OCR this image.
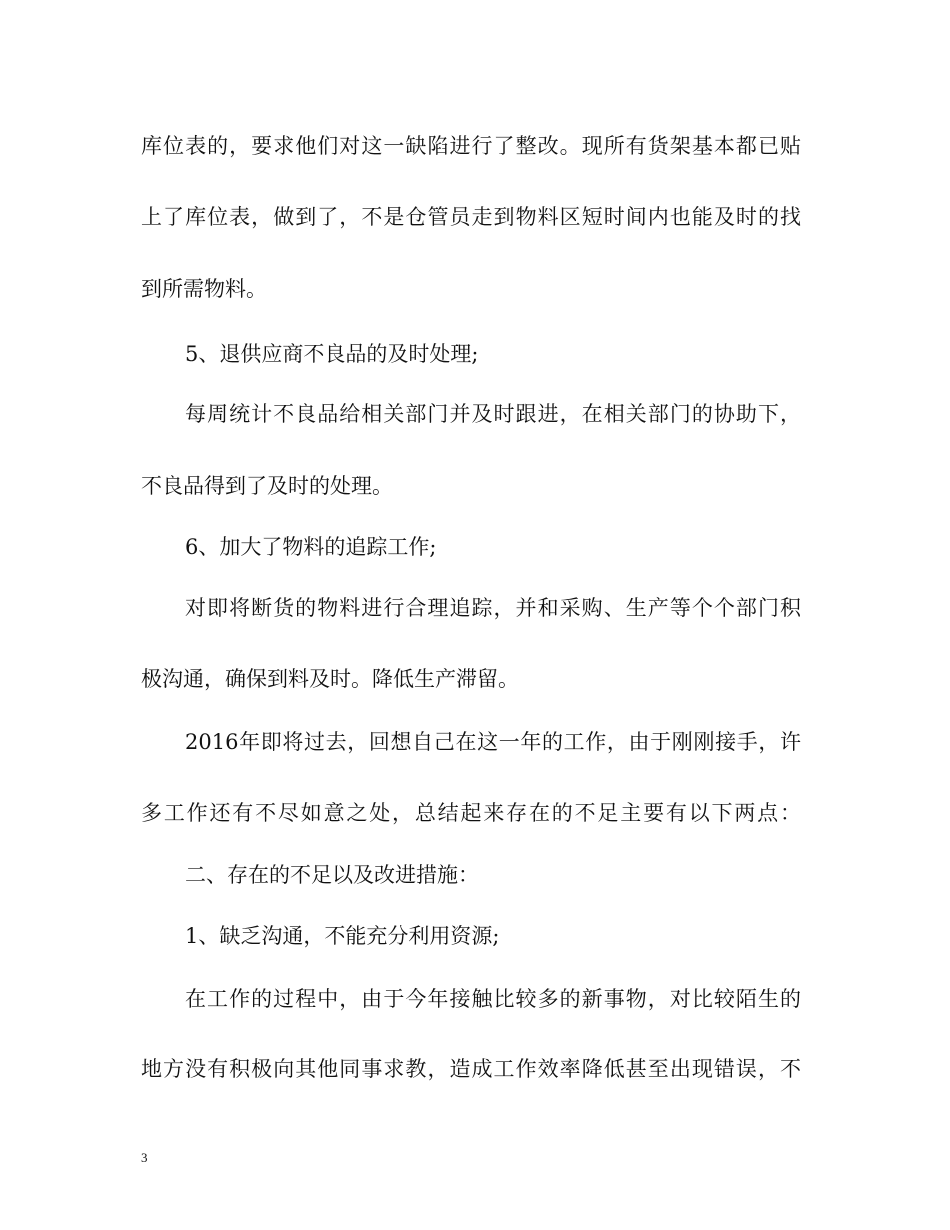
库位表的，要求他们对这一缺陷进行了整改。现所有货架基本都已贴
上了库位表，做到了，不是仓管员走到物料区短时间内也能及时的找
到所需物料。
5、退供应商不良品的及时处理;
每周统计不良品给相关部门并及时跟进，在相关部门的协助下，
不良品得到了及时的处理。
6、加大了物料的追踪工作;
对即将断货的物料进行合理追踪，并和采购、生产等个个部门积
极沟通，确保到料及时。降低生产滞留。
2016年即将过去，回想自己在这一年的工作，由于刚刚接手，许
多工作还有不尽如意之处，总结起来存在的不足主要有以下两点：
二、存在的不足以及改进措施：
1、缺乏沟通，不能充分利用资源;
在工作的过程中，由于今年接触比较多的新事物，对比较陌生的
地方没有积极向其他同事求教，造成工作效率降低甚至出现错误，不
3
